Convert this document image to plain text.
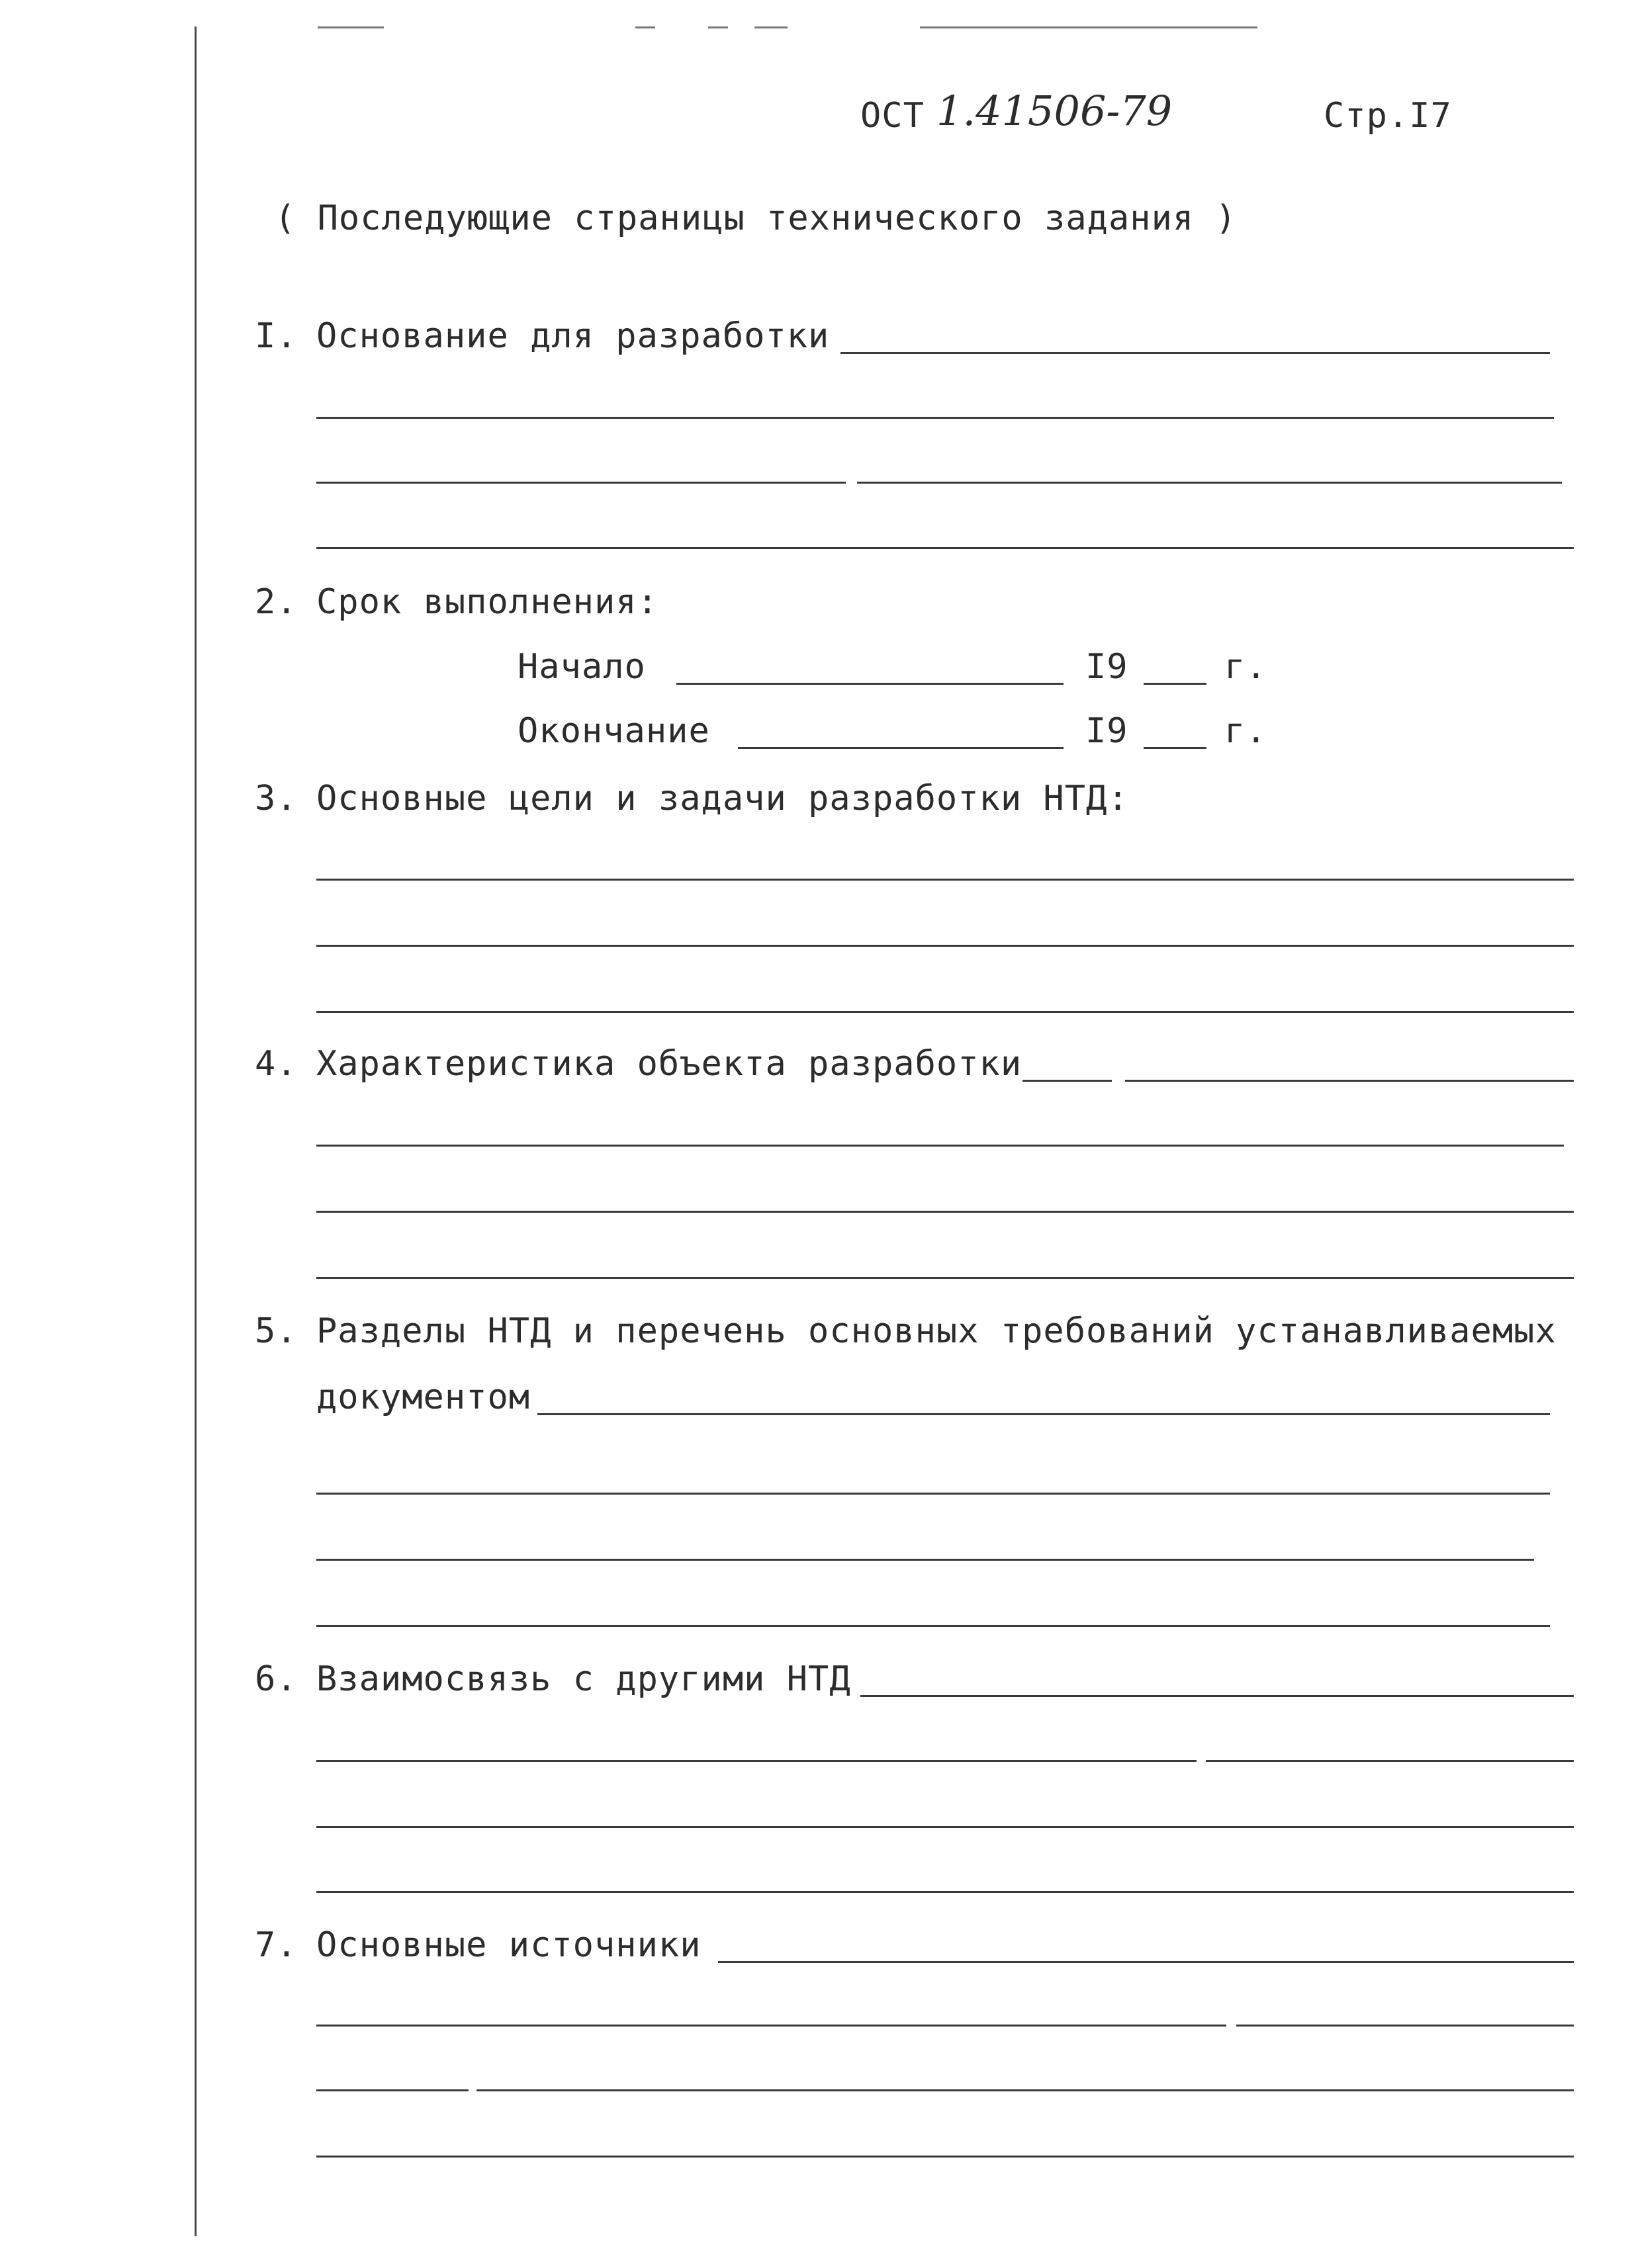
ОСТ 1.41506-79	Стр.I7
( Последующие страницы технического задания )
I. Основание для разработки
2. Срок выполнения:
Начало	I9	г.
Окончание	I9	г.
3. Основные цели и задачи разработки НТД:
4. Характеристика объекта разработки
5. Разделы НТД и перечень основных требований устанавливаемых
документом
6. Взаимосвязь с другими НТД
7. Основные источники
